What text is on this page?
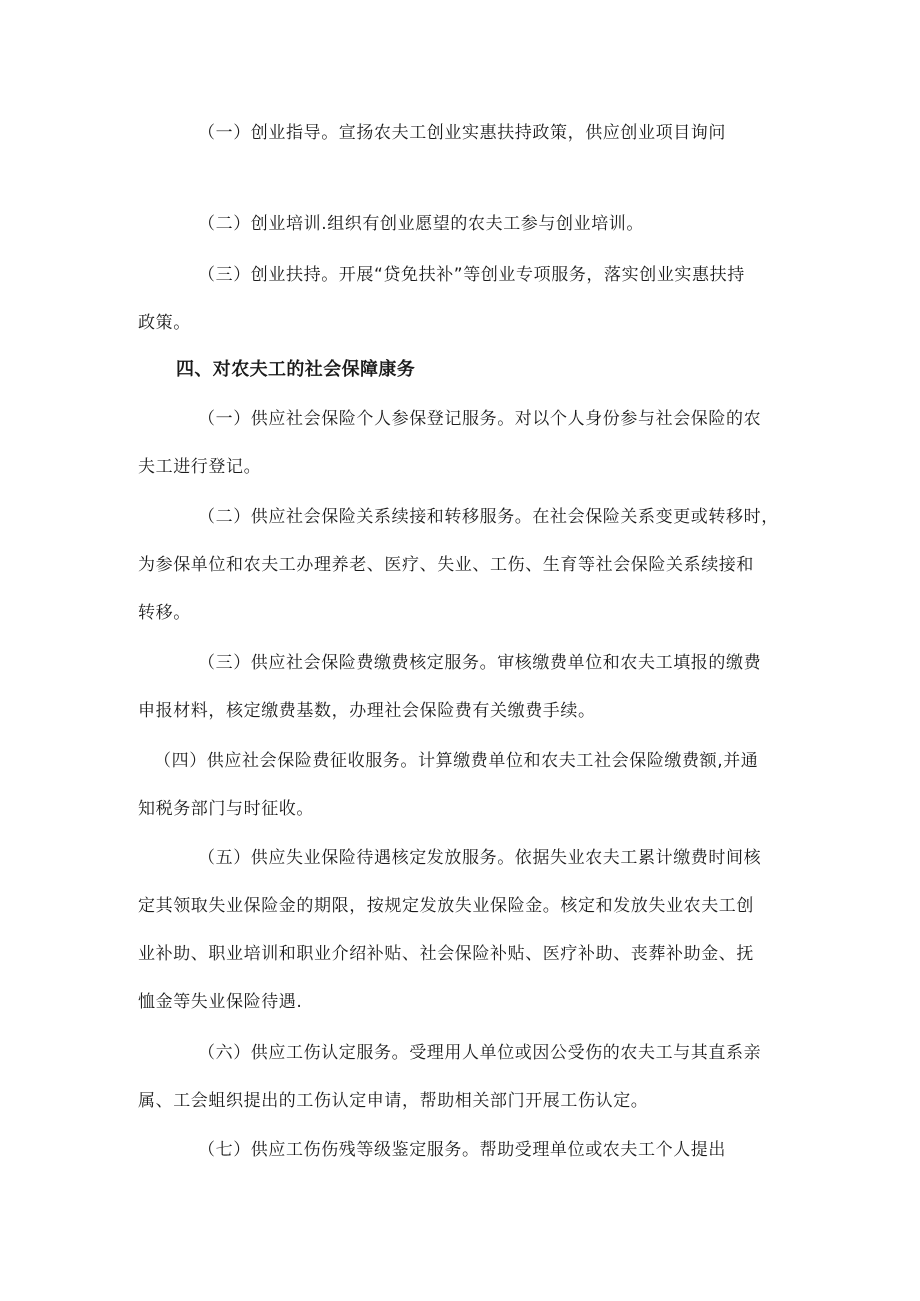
（一）创业指导。宣扬农夫工创业实惠扶持政策，供应创业项目询问
（二）创业培训.组织有创业愿望的农夫工参与创业培训。
（三）创业扶持。开展“贷免扶补”等创业专项服务，落实创业实惠扶持
政策。
四、对农夫工的社会保障康务
（一）供应社会保险个人参保登记服务。对以个人身份参与社会保险的农
夫工进行登记。
（二）供应社会保险关系续接和转移服务。在社会保险关系变更或转移时，
为参保单位和农夫工办理养老、医疗、失业、工伤、生育等社会保险关系续接和
转移。
（三）供应社会保险费缴费核定服务。审核缴费单位和农夫工填报的缴费
申报材料，核定缴费基数，办理社会保险费有关缴费手续。
（四）供应社会保险费征收服务。计算缴费单位和农夫工社会保险缴费额,并通
知税务部门与时征收。
（五）供应失业保险待遇核定发放服务。依据失业农夫工累计缴费时间核
定其领取失业保险金的期限，按规定发放失业保险金。核定和发放失业农夫工创
业补助、职业培训和职业介绍补贴、社会保险补贴、医疗补助、丧葬补助金、抚
恤金等失业保险待遇.
（六）供应工伤认定服务。受理用人单位或因公受伤的农夫工与其直系亲
属、工会蛆织提出的工伤认定申请，帮助相关部门开展工伤认定。
（七）供应工伤伤残等级鉴定服务。帮助受理单位或农夫工个人提出
